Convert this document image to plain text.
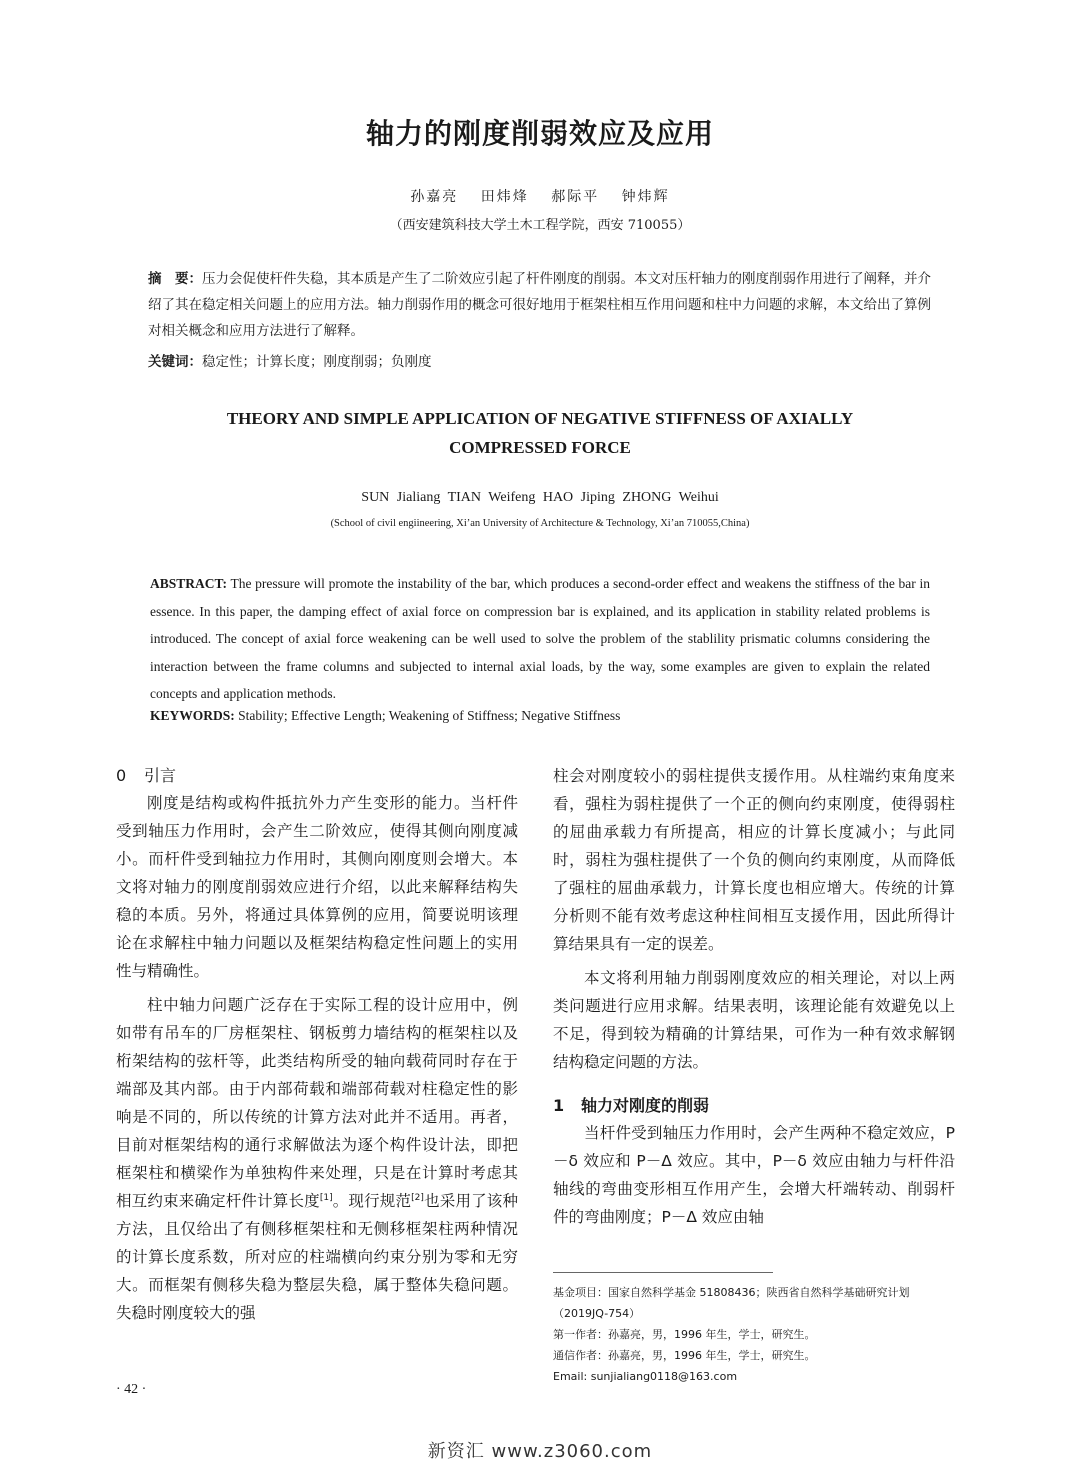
轴力的刚度削弱效应及应用
孙嘉亮 田炜烽 郝际平 钟炜辉
（西安建筑科技大学土木工程学院，西安 710055）
摘　要：压力会促使杆件失稳，其本质是产生了二阶效应引起了杆件刚度的削弱。本文对压杆轴力的刚度削弱作用进行了阐释，并介绍了其在稳定相关问题上的应用方法。轴力削弱作用的概念可很好地用于框架柱相互作用问题和柱中力问题的求解，本文给出了算例对相关概念和应用方法进行了解释。
关键词：稳定性；计算长度；刚度削弱；负刚度
THEORY AND SIMPLE APPLICATION OF NEGATIVE STIFFNESS OF AXIALLY
COMPRESSED FORCE
SUN Jialiang TIAN Weifeng HAO Jiping ZHONG Weihui
(School of civil engiineering, Xi’an University of Architecture & Technology, Xi’an 710055,China)
ABSTRACT: The pressure will promote the instability of the bar, which produces a second-order effect and weakens the stiffness of the bar in essence. In this paper, the damping effect of axial force on compression bar is explained, and its application in stability related problems is introduced. The concept of axial force weakening can be well used to solve the problem of the stablility prismatic columns considering the interaction between the frame columns and subjected to internal axial loads, by the way, some examples are given to explain the related concepts and application methods.
KEYWORDS: Stability; Effective Length; Weakening of Stiffness; Negative Stiffness
0 引言

刚度是结构或构件抵抗外力产生变形的能力。当杆件受到轴压力作用时，会产生二阶效应，使得其侧向刚度减小。而杆件受到轴拉力作用时，其侧向刚度则会增大。本文将对轴力的刚度削弱效应进行介绍，以此来解释结构失稳的本质。另外，将通过具体算例的应用，简要说明该理论在求解柱中轴力问题以及框架结构稳定性问题上的实用性与精确性。

柱中轴力问题广泛存在于实际工程的设计应用中，例如带有吊车的厂房框架柱、钢板剪力墙结构的框架柱以及桁架结构的弦杆等，此类结构所受的轴向载荷同时存在于端部及其内部。由于内部荷载和端部荷载对柱稳定性的影响是不同的，所以传统的计算方法对此并不适用。再者，目前对框架结构的通行求解做法为逐个构件设计法，即把框架柱和横梁作为单独构件来处理，只是在计算时考虑其相互约束来确定杆件计算长度[1]。现行规范[2]也采用了该种方法，且仅给出了有侧移框架柱和无侧移框架柱两种情况的计算长度系数，所对应的柱端横向约束分别为零和无穷大。而框架有侧移失稳为整层失稳，属于整体失稳问题。失稳时刚度较大的强

柱会对刚度较小的弱柱提供支援作用。从柱端约束角度来看，强柱为弱柱提供了一个正的侧向约束刚度，使得弱柱的屈曲承载力有所提高，相应的计算长度减小；与此同时，弱柱为强柱提供了一个负的侧向约束刚度，从而降低了强柱的屈曲承载力，计算长度也相应增大。传统的计算分析则不能有效考虑这种柱间相互支援作用，因此所得计算结果具有一定的误差。

本文将利用轴力削弱刚度效应的相关理论，对以上两类问题进行应用求解。结果表明，该理论能有效避免以上不足，得到较为精确的计算结果，可作为一种有效求解钢结构稳定问题的方法。

1 轴力对刚度的削弱

当杆件受到轴压力作用时，会产生两种不稳定效应，P－δ 效应和 P－Δ 效应。其中，P－δ 效应由轴力与杆件沿轴线的弯曲变形相互作用产生，会增大杆端转动、削弱杆件的弯曲刚度；P－Δ 效应由轴

基金项目：国家自然科学基金 51808436；陕西省自然科学基础研究计划（2019JQ-754）
第一作者：孙嘉亮，男，1996 年生，学士，研究生。
通信作者：孙嘉亮，男，1996 年生，学士，研究生。
Email: sunjialiang0118@163.com
· 42 ·
新资汇 www.z3060.com
